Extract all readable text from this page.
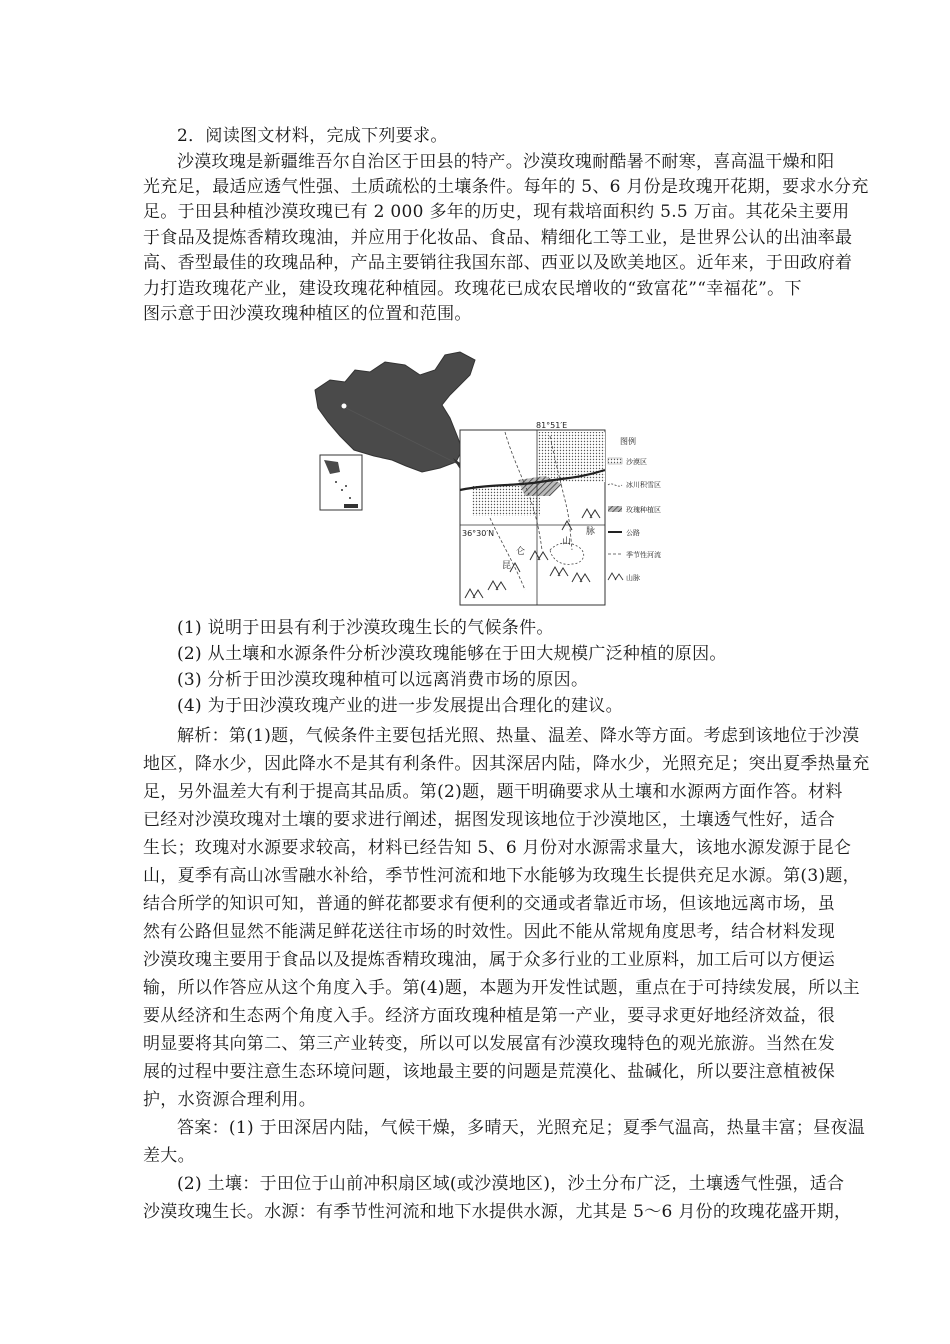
2．阅读图文材料，完成下列要求。
沙漠玫瑰是新疆维吾尔自治区于田县的特产。沙漠玫瑰耐酷暑不耐寒，喜高温干燥和阳
光充足，最适应透气性强、土质疏松的土壤条件。每年的 5、6 月份是玫瑰开花期，要求水分充
足。于田县种植沙漠玫瑰已有 2 000 多年的历史，现有栽培面积约 5.5 万亩。其花朵主要用
于食品及提炼香精玫瑰油，并应用于化妆品、食品、精细化工等工业，是世界公认的出油率最
高、香型最佳的玫瑰品种，产品主要销往我国东部、西亚以及欧美地区。近年来，于田政府着
力打造玫瑰花产业，建设玫瑰花种植园。玫瑰花已成农民增收的“致富花”“幸福花”。下
图示意于田沙漠玫瑰种植区的位置和范围。
81°51′E
36°30′N
昆
仑
山
脉
图例
沙漠区
冰川积雪区
玫瑰种植区
公路
季节性河流
山脉
(1) 说明于田县有利于沙漠玫瑰生长的气候条件。
(2) 从土壤和水源条件分析沙漠玫瑰能够在于田大规模广泛种植的原因。
(3) 分析于田沙漠玫瑰种植可以远离消费市场的原因。
(4) 为于田沙漠玫瑰产业的进一步发展提出合理化的建议。
解析：第(1)题，气候条件主要包括光照、热量、温差、降水等方面。考虑到该地位于沙漠
地区，降水少，因此降水不是其有利条件。因其深居内陆，降水少，光照充足；突出夏季热量充
足，另外温差大有利于提高其品质。第(2)题，题干明确要求从土壤和水源两方面作答。材料
已经对沙漠玫瑰对土壤的要求进行阐述，据图发现该地位于沙漠地区，土壤透气性好，适合
生长；玫瑰对水源要求较高，材料已经告知 5、6 月份对水源需求量大，该地水源发源于昆仑
山，夏季有高山冰雪融水补给，季节性河流和地下水能够为玫瑰生长提供充足水源。第(3)题，
结合所学的知识可知，普通的鲜花都要求有便利的交通或者靠近市场，但该地远离市场，虽
然有公路但显然不能满足鲜花送往市场的时效性。因此不能从常规角度思考，结合材料发现
沙漠玫瑰主要用于食品以及提炼香精玫瑰油，属于众多行业的工业原料，加工后可以方便运
输，所以作答应从这个角度入手。第(4)题，本题为开发性试题，重点在于可持续发展，所以主
要从经济和生态两个角度入手。经济方面玫瑰种植是第一产业，要寻求更好地经济效益，很
明显要将其向第二、第三产业转变，所以可以发展富有沙漠玫瑰特色的观光旅游。当然在发
展的过程中要注意生态环境问题，该地最主要的问题是荒漠化、盐碱化，所以要注意植被保
护，水资源合理利用。
答案：(1) 于田深居内陆，气候干燥，多晴天，光照充足；夏季气温高，热量丰富；昼夜温
差大。
(2) 土壤：于田位于山前冲积扇区域(或沙漠地区)，沙土分布广泛，土壤透气性强，适合
沙漠玫瑰生长。水源：有季节性河流和地下水提供水源，尤其是 5～6 月份的玫瑰花盛开期，
